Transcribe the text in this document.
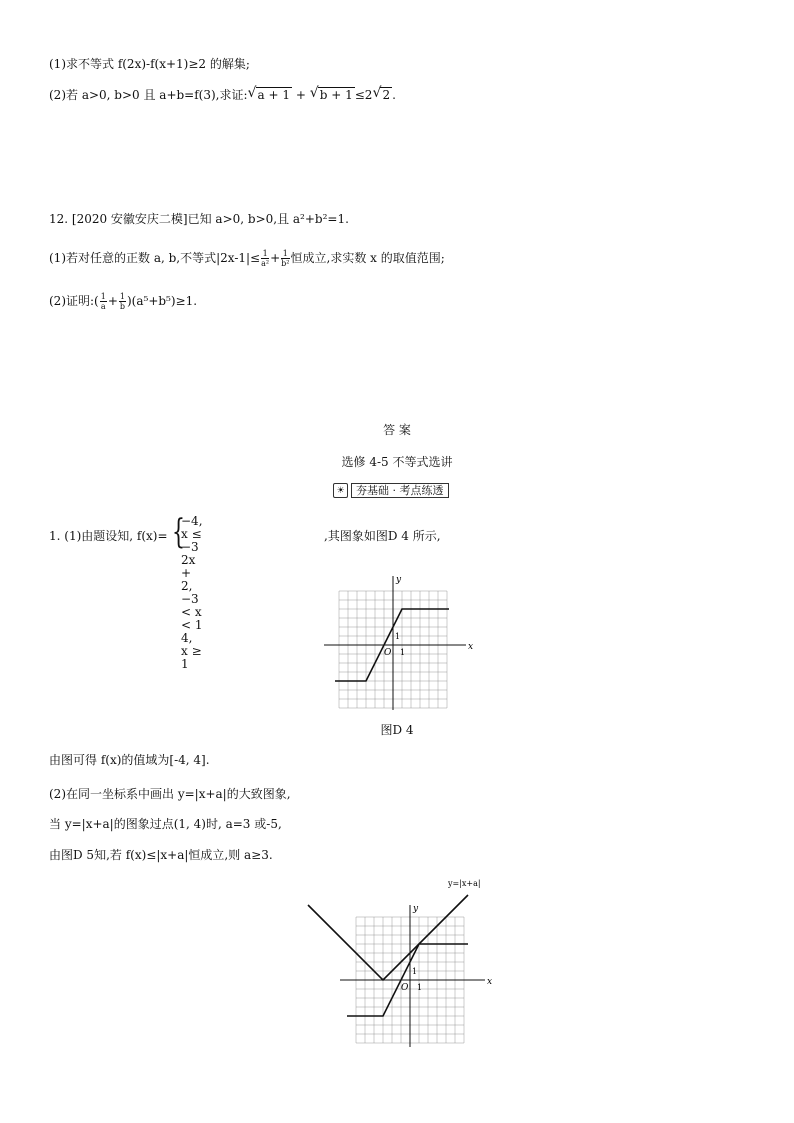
(1)求不等式 f(2x)-f(x+1)≥2 的解集;
(2)若 a>0, b>0 且 a+b=f(3),求证: √ a + 1 + √ b + 1 ≤2 √ 2 .
12. [2020 安徽安庆二模]已知 a>0, b>0,且 a²+b²=1.
(1)若对任意的正数 a, b,不等式$|2x-1|\le \frac{1}{\text{a²}} + \frac{1}{\text{b²}}$ 恒成立,求实数 x 的取值范围;
(2)证明:( $\frac{1}{a} + \frac{1}{b} )(a^5+b^5)\ge 1$.
答 案
选修 4-5 不等式选讲
☀	夯基础 · 考点练透
1. (1)由题设知, f(x)= {
−4, x ≤ −3
2x + 2, −3 < x < 1
4, x ≥ 1
,其图象如图D 4 所示,
x
y
O 1
1
图D 4
由图可得 f(x)的值域为[-4, 4].
(2)在同一坐标系中画出 y=|x+a|的大致图象,
当 y=|x+a|的图象过点(1, 4)时, a=3 或-5,
由图D 5知,若 f(x)≤|x+a|恒成立,则 a≥3.
x
y
O 1
1
y=|x+a|
